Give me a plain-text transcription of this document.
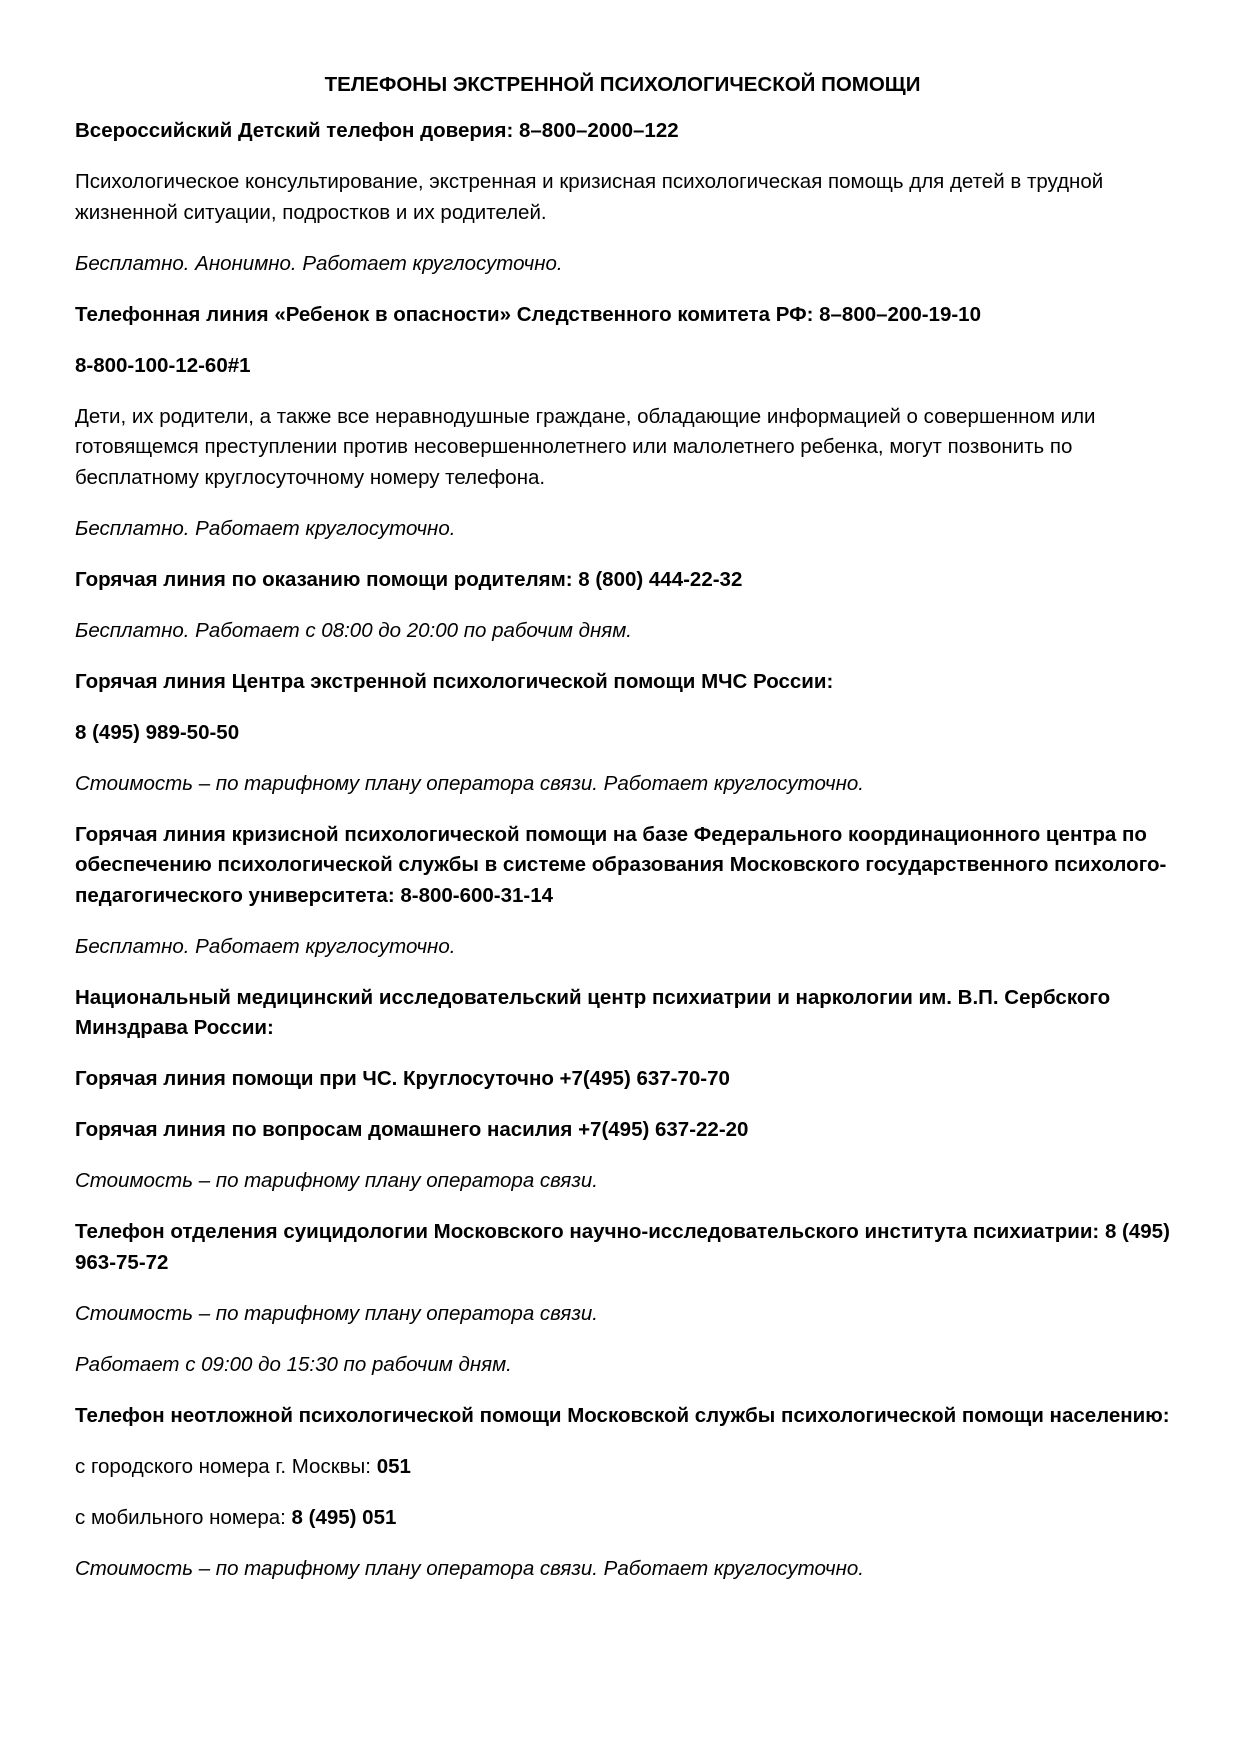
ТЕЛЕФОНЫ ЭКСТРЕННОЙ ПСИХОЛОГИЧЕСКОЙ ПОМОЩИ

Всероссийский Детский телефон доверия: 8–800–2000–122

Психологическое консультирование, экстренная и кризисная психологическая помощь для детей в трудной жизненной ситуации, подростков и их родителей.

Бесплатно. Анонимно. Работает круглосуточно.

Телефонная линия «Ребенок в опасности» Следственного комитета РФ: 8–800–200-19-10

8-800-100-12-60#1

Дети, их родители, а также все неравнодушные граждане, обладающие информацией о совершенном или готовящемся преступлении против несовершеннолетнего или малолетнего ребенка, могут позвонить по бесплатному круглосуточному номеру телефона.

Бесплатно. Работает круглосуточно.

Горячая линия по оказанию помощи родителям: 8 (800) 444-22-32

Бесплатно. Работает с 08:00 до 20:00 по рабочим дням.

Горячая линия Центра экстренной психологической помощи МЧС России:

8 (495) 989-50-50

Стоимость – по тарифному плану оператора связи. Работает круглосуточно.

Горячая линия кризисной психологической помощи на базе Федерального координационного центра по обеспечению психологической службы в системе образования Московского государственного психолого-педагогического университета: 8-800-600-31-14

Бесплатно. Работает круглосуточно.

Национальный медицинский исследовательский центр психиатрии и наркологии им. В.П. Сербского Минздрава России:

Горячая линия помощи при ЧС. Круглосуточно +7(495) 637-70-70

Горячая линия по вопросам домашнего насилия +7(495) 637-22-20

Стоимость – по тарифному плану оператора связи.

Телефон отделения суицидологии Московского научно-исследовательского института психиатрии: 8 (495) 963-75-72

Стоимость – по тарифному плану оператора связи.

Работает с 09:00 до 15:30 по рабочим дням.

Телефон неотложной психологической помощи Московской службы психологической помощи населению:

с городского номера г. Москвы: 051

с мобильного номера: 8 (495) 051

Стоимость – по тарифному плану оператора связи. Работает круглосуточно.
